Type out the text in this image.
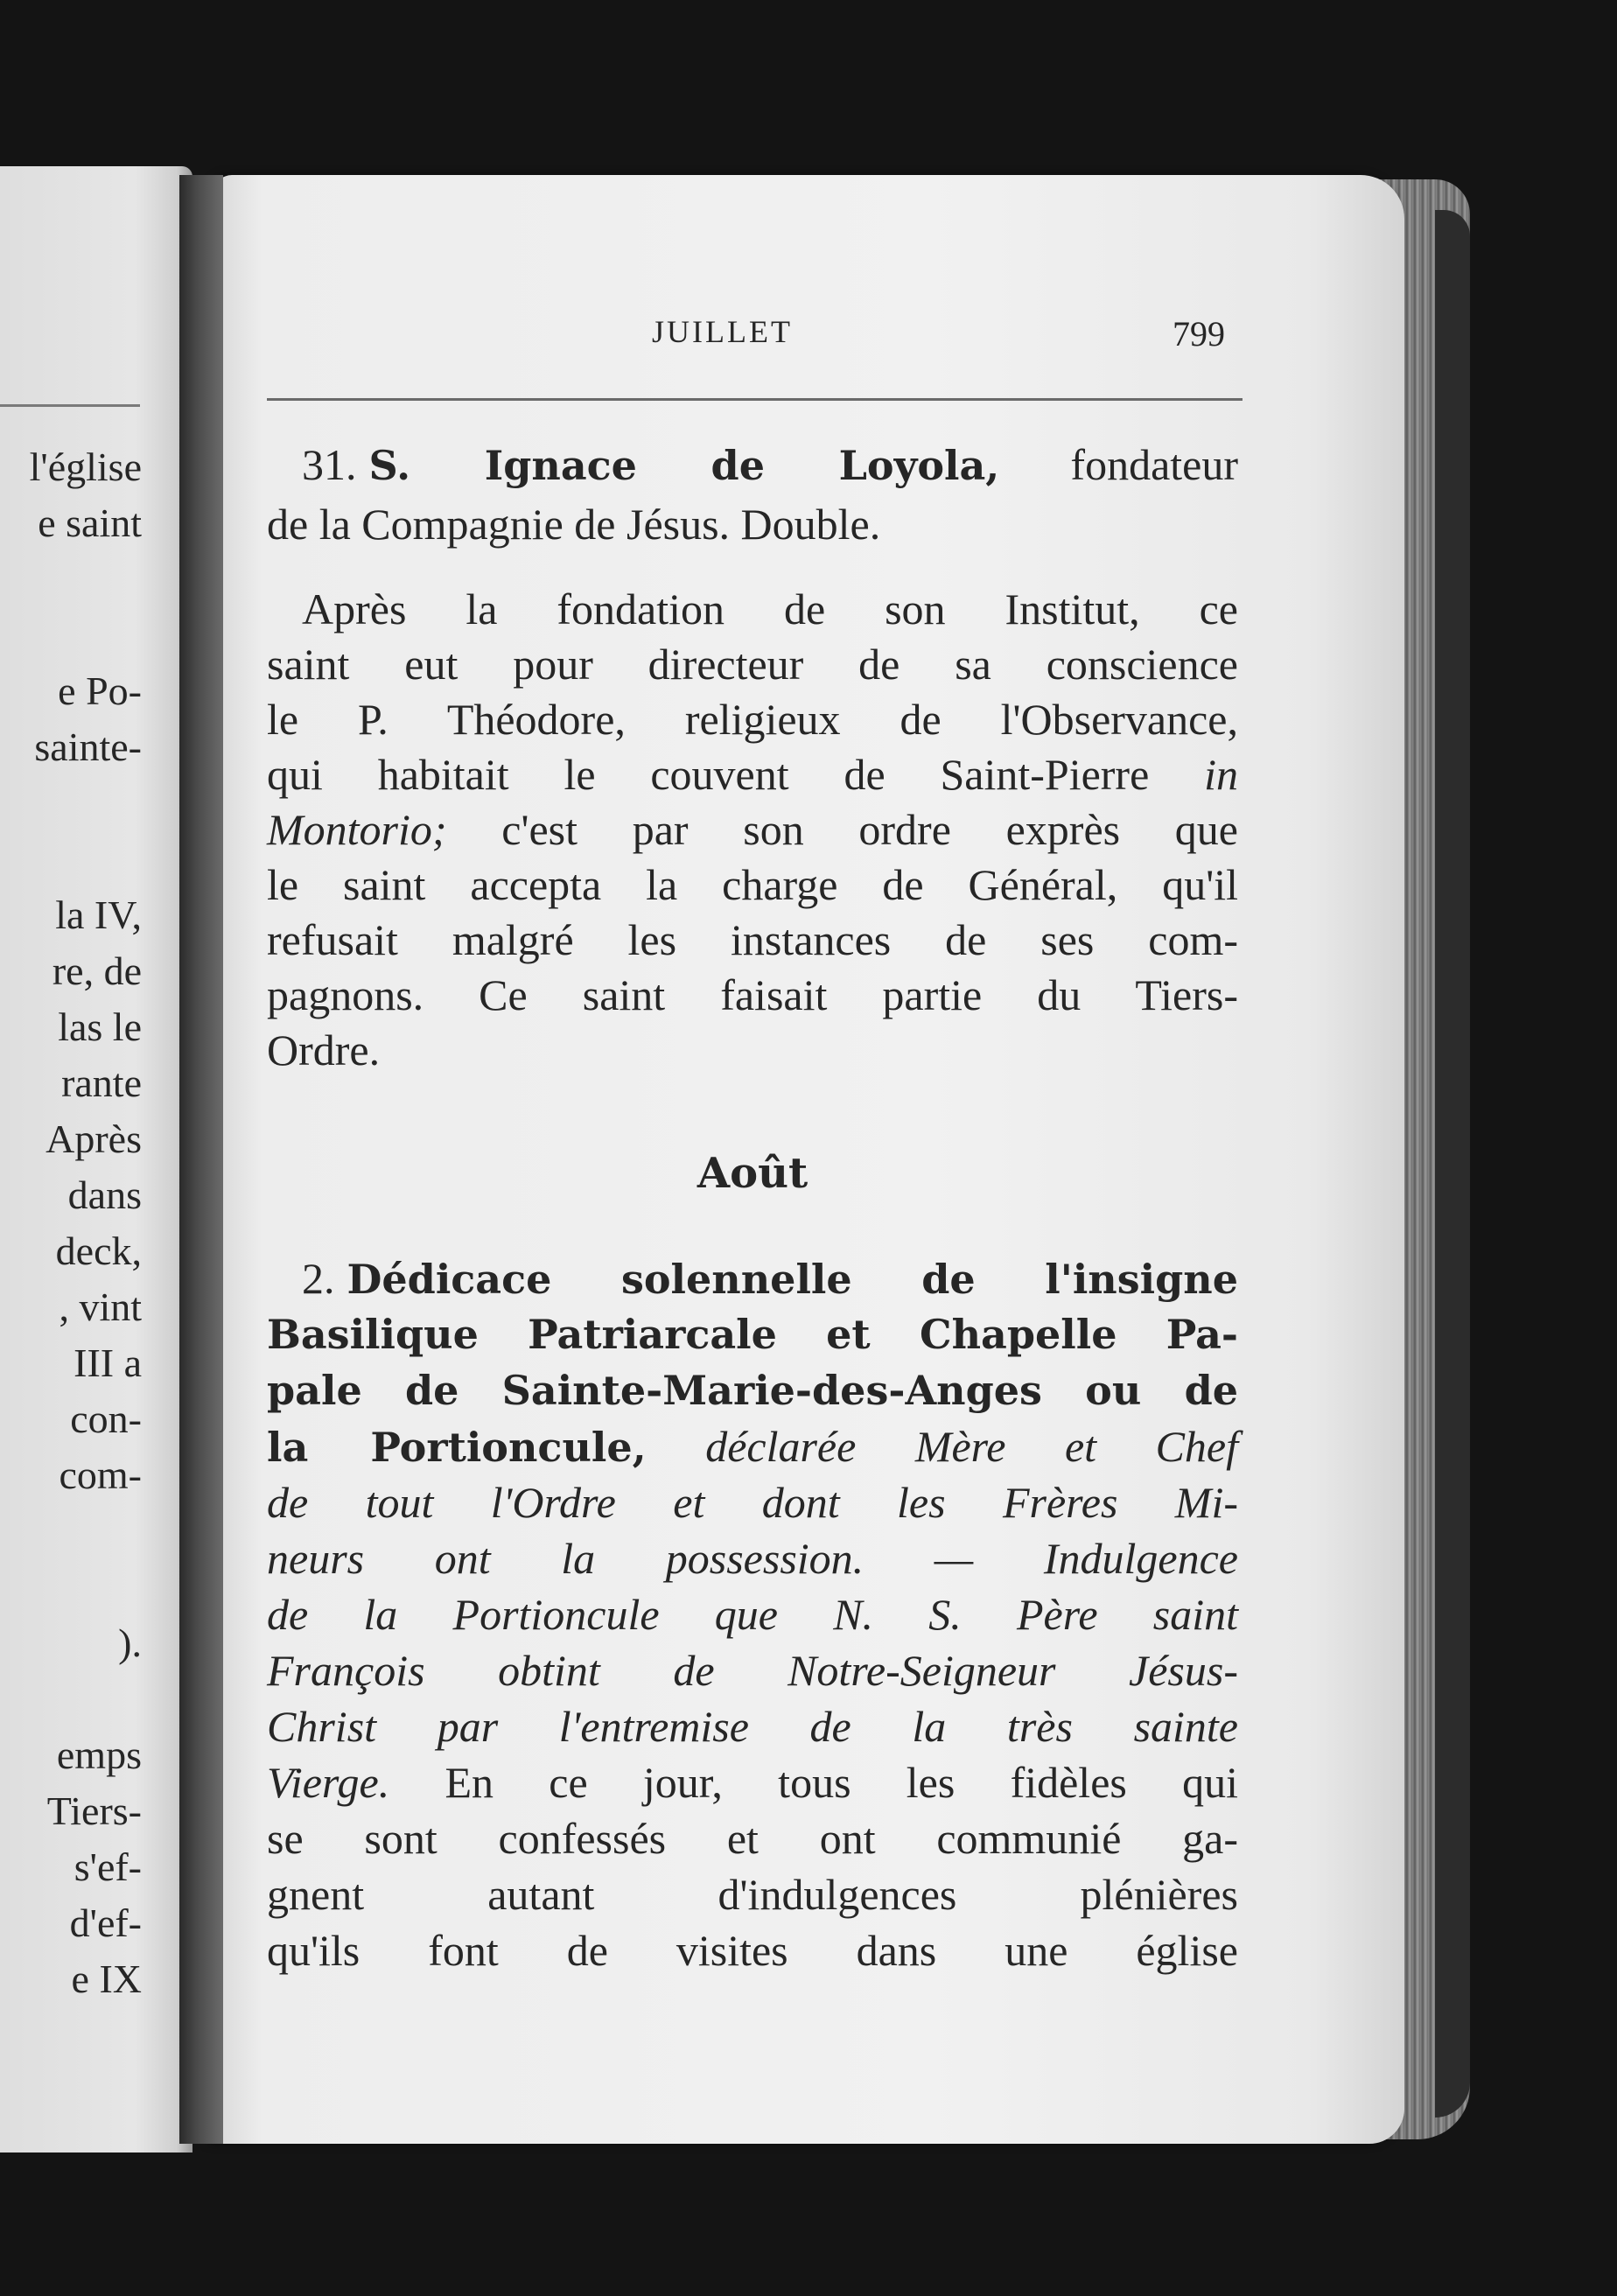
l'église
e saint
e Po-
sainte-
la IV,
re, de
las le
rante
Après
dans
deck,
, vint
III a
con-
com-
).
emps
Tiers-
s'ef-
d'ef-
e IX
JUILLET	799
31. S. Ignace de Loyola, fondateur
de la Compagnie de Jésus. Double.
Après la fondation de son Institut, ce
saint eut pour directeur de sa conscience
le P. Théodore, religieux de l'Observance,
qui habitait le couvent de Saint-Pierre in
Montorio; c'est par son ordre exprès que
le saint accepta la charge de Général, qu'il
refusait malgré les instances de ses com-
pagnons. Ce saint faisait partie du Tiers-
Ordre.
Août
2. Dédicace solennelle de l'insigne
Basilique Patriarcale et Chapelle Pa-
pale de Sainte-Marie-des-Anges ou de
la Portioncule, déclarée Mère et Chef
de tout l'Ordre et dont les Frères Mi-
neurs ont la possession. — Indulgence
de la Portioncule que N. S. Père saint
François obtint de Notre-Seigneur Jésus-
Christ par l'entremise de la très sainte
Vierge. En ce jour, tous les fidèles qui
se sont confessés et ont communié ga-
gnent autant d'indulgences plénières
qu'ils font de visites dans une église
